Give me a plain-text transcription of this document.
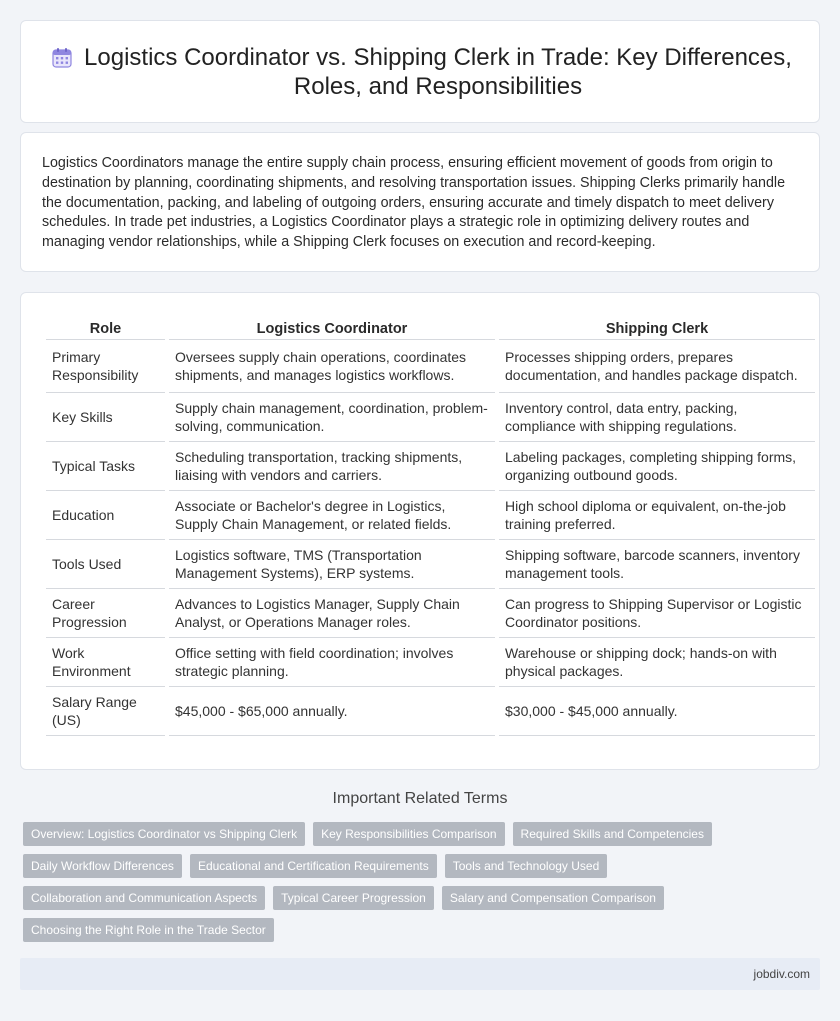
Logistics Coordinator vs. Shipping Clerk in Trade: Key Differences, Roles, and Responsibilities

Logistics Coordinators manage the entire supply chain process, ensuring efficient movement of goods from origin to destination by planning, coordinating shipments, and resolving transportation issues. Shipping Clerks primarily handle the documentation, packing, and labeling of outgoing orders, ensuring accurate and timely dispatch to meet delivery schedules. In trade pet industries, a Logistics Coordinator plays a strategic role in optimizing delivery routes and managing vendor relationships, while a Shipping Clerk focuses on execution and record-keeping.

Role	Logistics Coordinator	Shipping Clerk
Primary Responsibility	Oversees supply chain operations, coordinates shipments, and manages logistics workflows.	Processes shipping orders, prepares documentation, and handles package dispatch.
Key Skills	Supply chain management, coordination, problem-solving, communication.	Inventory control, data entry, packing, compliance with shipping regulations.
Typical Tasks	Scheduling transportation, tracking shipments, liaising with vendors and carriers.	Labeling packages, completing shipping forms, organizing outbound goods.
Education	Associate or Bachelor's degree in Logistics, Supply Chain Management, or related fields.	High school diploma or equivalent, on-the-job training preferred.
Tools Used	Logistics software, TMS (Transportation Management Systems), ERP systems.	Shipping software, barcode scanners, inventory management tools.
Career Progression	Advances to Logistics Manager, Supply Chain Analyst, or Operations Manager roles.	Can progress to Shipping Supervisor or Logistic Coordinator positions.
Work Environment	Office setting with field coordination; involves strategic planning.	Warehouse or shipping dock; hands-on with physical packages.
Salary Range (US)	$45,000 - $65,000 annually.	$30,000 - $45,000 annually.
Important Related Terms
Overview: Logistics Coordinator vs Shipping Clerk	Key Responsibilities Comparison	Required Skills and Competencies
Daily Workflow Differences	Educational and Certification Requirements	Tools and Technology Used
Collaboration and Communication Aspects	Typical Career Progression	Salary and Compensation Comparison
Choosing the Right Role in the Trade Sector
jobdiv.com
